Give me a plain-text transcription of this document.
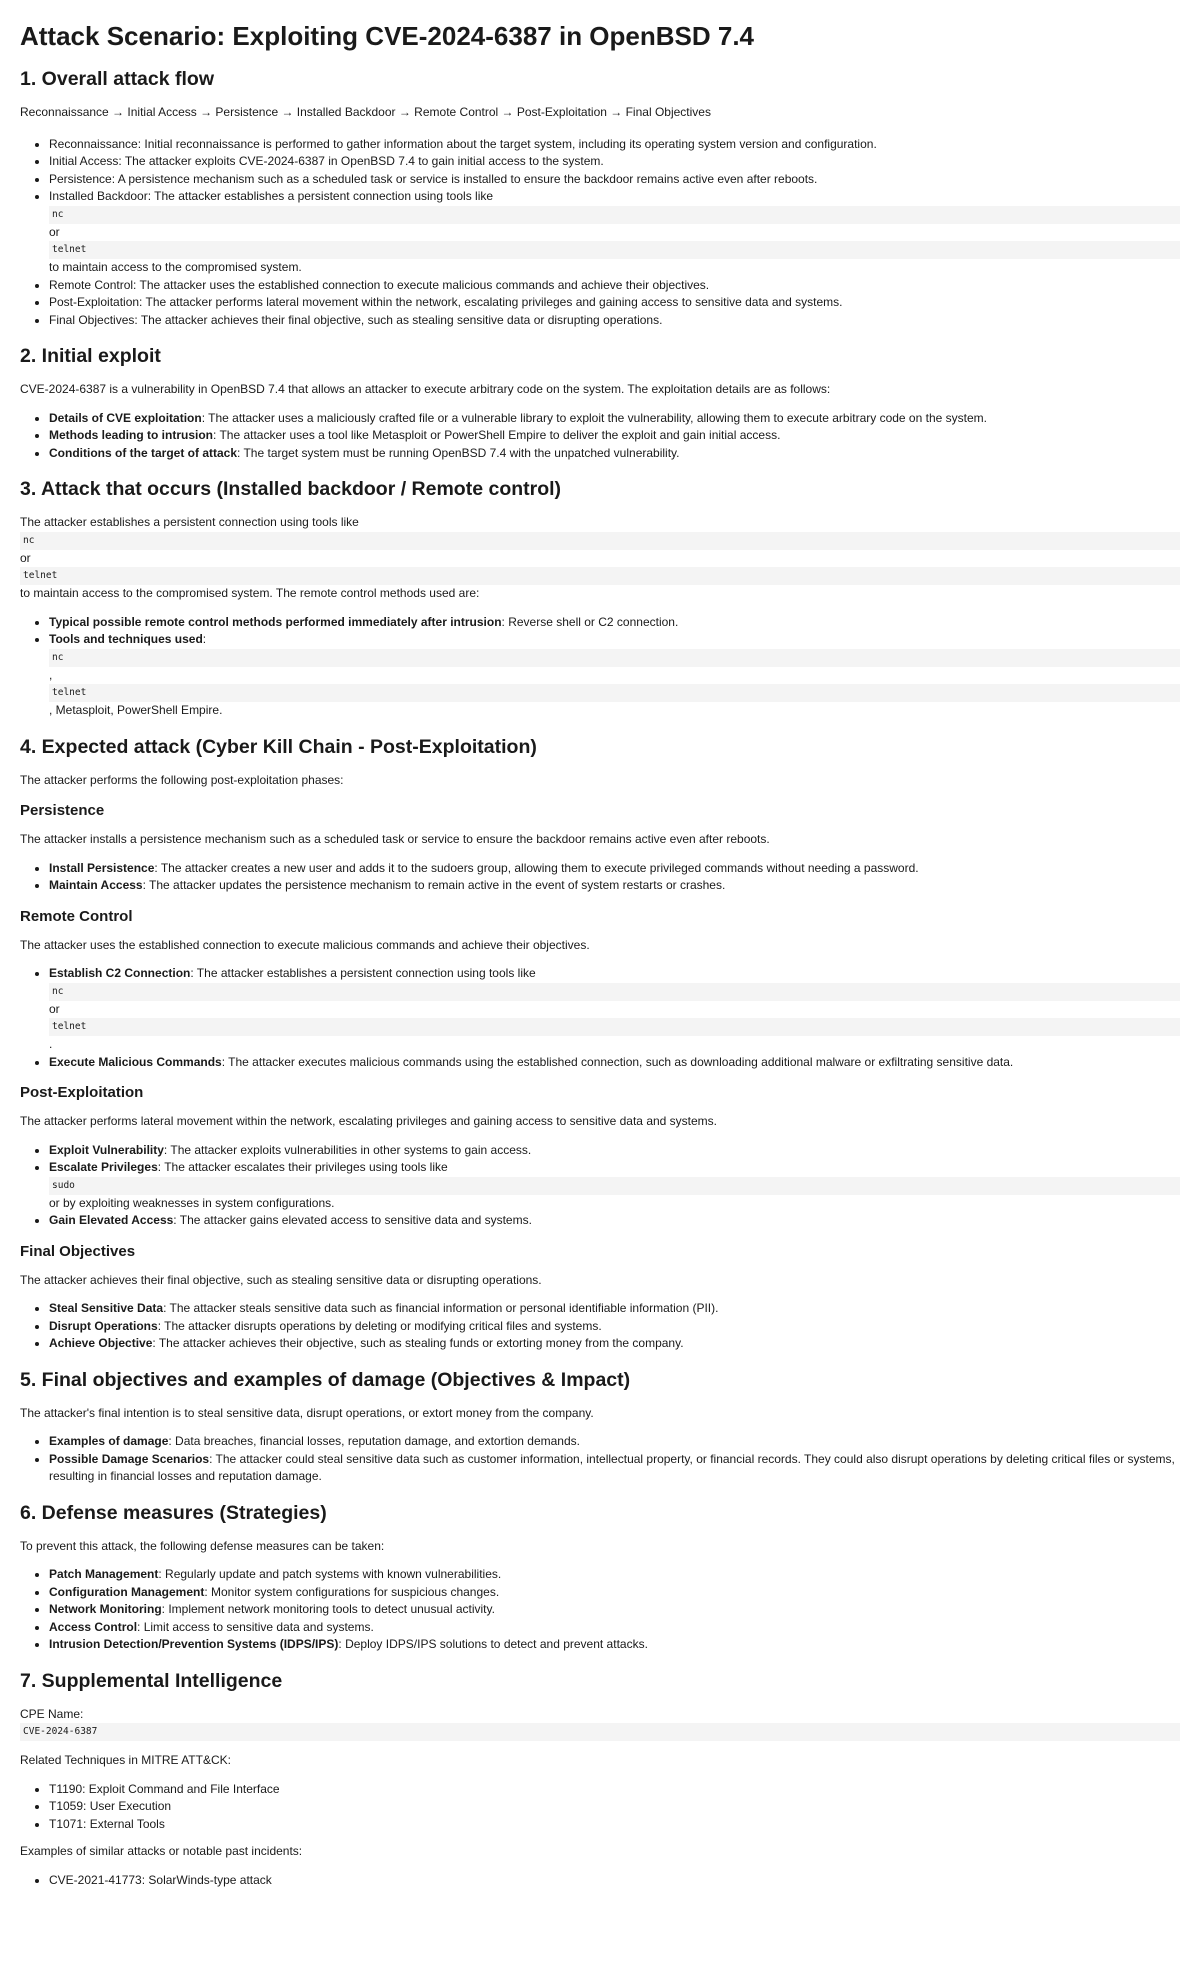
Attack Scenario: Exploiting CVE-2024-6387 in OpenBSD 7.4
1. Overall attack flow

Reconnaissance → Initial Access → Persistence → Installed Backdoor → Remote Control → Post-Exploitation → Final Objectives

• Reconnaissance: Initial reconnaissance is performed to gather information about the target system, including its operating system version and configuration.
• Initial Access: The attacker exploits CVE-2024-6387 in OpenBSD 7.4 to gain initial access to the system.
• Persistence: A persistence mechanism such as a scheduled task or service is installed to ensure the backdoor remains active even after reboots.
• Installed Backdoor: The attacker establishes a persistent connection using tools like
nc
or
telnet
to maintain access to the compromised system.
• Remote Control: The attacker uses the established connection to execute malicious commands and achieve their objectives.
• Post-Exploitation: The attacker performs lateral movement within the network, escalating privileges and gaining access to sensitive data and systems.
• Final Objectives: The attacker achieves their final objective, such as stealing sensitive data or disrupting operations.
2. Initial exploit

CVE-2024-6387 is a vulnerability in OpenBSD 7.4 that allows an attacker to execute arbitrary code on the system. The exploitation details are as follows:

• Details of CVE exploitation: The attacker uses a maliciously crafted file or a vulnerable library to exploit the vulnerability, allowing them to execute arbitrary code on the system.
• Methods leading to intrusion: The attacker uses a tool like Metasploit or PowerShell Empire to deliver the exploit and gain initial access.
• Conditions of the target of attack: The target system must be running OpenBSD 7.4 with the unpatched vulnerability.
3. Attack that occurs (Installed backdoor / Remote control)
The attacker establishes a persistent connection using tools like
nc
or
telnet

to maintain access to the compromised system. The remote control methods used are:

• Typical possible remote control methods performed immediately after intrusion: Reverse shell or C2 connection.
• Tools and techniques used:
nc
,
telnet
, Metasploit, PowerShell Empire.
4. Expected attack (Cyber Kill Chain - Post-Exploitation)

The attacker performs the following post-exploitation phases:

Persistence

The attacker installs a persistence mechanism such as a scheduled task or service to ensure the backdoor remains active even after reboots.

• Install Persistence: The attacker creates a new user and adds it to the sudoers group, allowing them to execute privileged commands without needing a password.
• Maintain Access: The attacker updates the persistence mechanism to remain active in the event of system restarts or crashes.
Remote Control

The attacker uses the established connection to execute malicious commands and achieve their objectives.

• Establish C2 Connection: The attacker establishes a persistent connection using tools like
nc
or
telnet
.
• Execute Malicious Commands: The attacker executes malicious commands using the established connection, such as downloading additional malware or exfiltrating sensitive data.
Post-Exploitation

The attacker performs lateral movement within the network, escalating privileges and gaining access to sensitive data and systems.

• Exploit Vulnerability: The attacker exploits vulnerabilities in other systems to gain access.
• Escalate Privileges: The attacker escalates their privileges using tools like
sudo
or by exploiting weaknesses in system configurations.
• Gain Elevated Access: The attacker gains elevated access to sensitive data and systems.
Final Objectives

The attacker achieves their final objective, such as stealing sensitive data or disrupting operations.

• Steal Sensitive Data: The attacker steals sensitive data such as financial information or personal identifiable information (PII).
• Disrupt Operations: The attacker disrupts operations by deleting or modifying critical files and systems.
• Achieve Objective: The attacker achieves their objective, such as stealing funds or extorting money from the company.
5. Final objectives and examples of damage (Objectives & Impact)

The attacker's final intention is to steal sensitive data, disrupt operations, or extort money from the company.

• Examples of damage: Data breaches, financial losses, reputation damage, and extortion demands.
• Possible Damage Scenarios: The attacker could steal sensitive data such as customer information, intellectual property, or financial records. They could also disrupt operations by deleting critical files or systems, resulting in financial losses and reputation damage.
6. Defense measures (Strategies)

To prevent this attack, the following defense measures can be taken:

• Patch Management: Regularly update and patch systems with known vulnerabilities.
• Configuration Management: Monitor system configurations for suspicious changes.
• Network Monitoring: Implement network monitoring tools to detect unusual activity.
• Access Control: Limit access to sensitive data and systems.
• Intrusion Detection/Prevention Systems (IDPS/IPS): Deploy IDPS/IPS solutions to detect and prevent attacks.
7. Supplemental Intelligence
CPE Name:
CVE-2024-6387

Related Techniques in MITRE ATT&CK:

• T1190: Exploit Command and File Interface
• T1059: User Execution
• T1071: External Tools

Examples of similar attacks or notable past incidents:

• CVE-2021-41773: SolarWinds-type attack
